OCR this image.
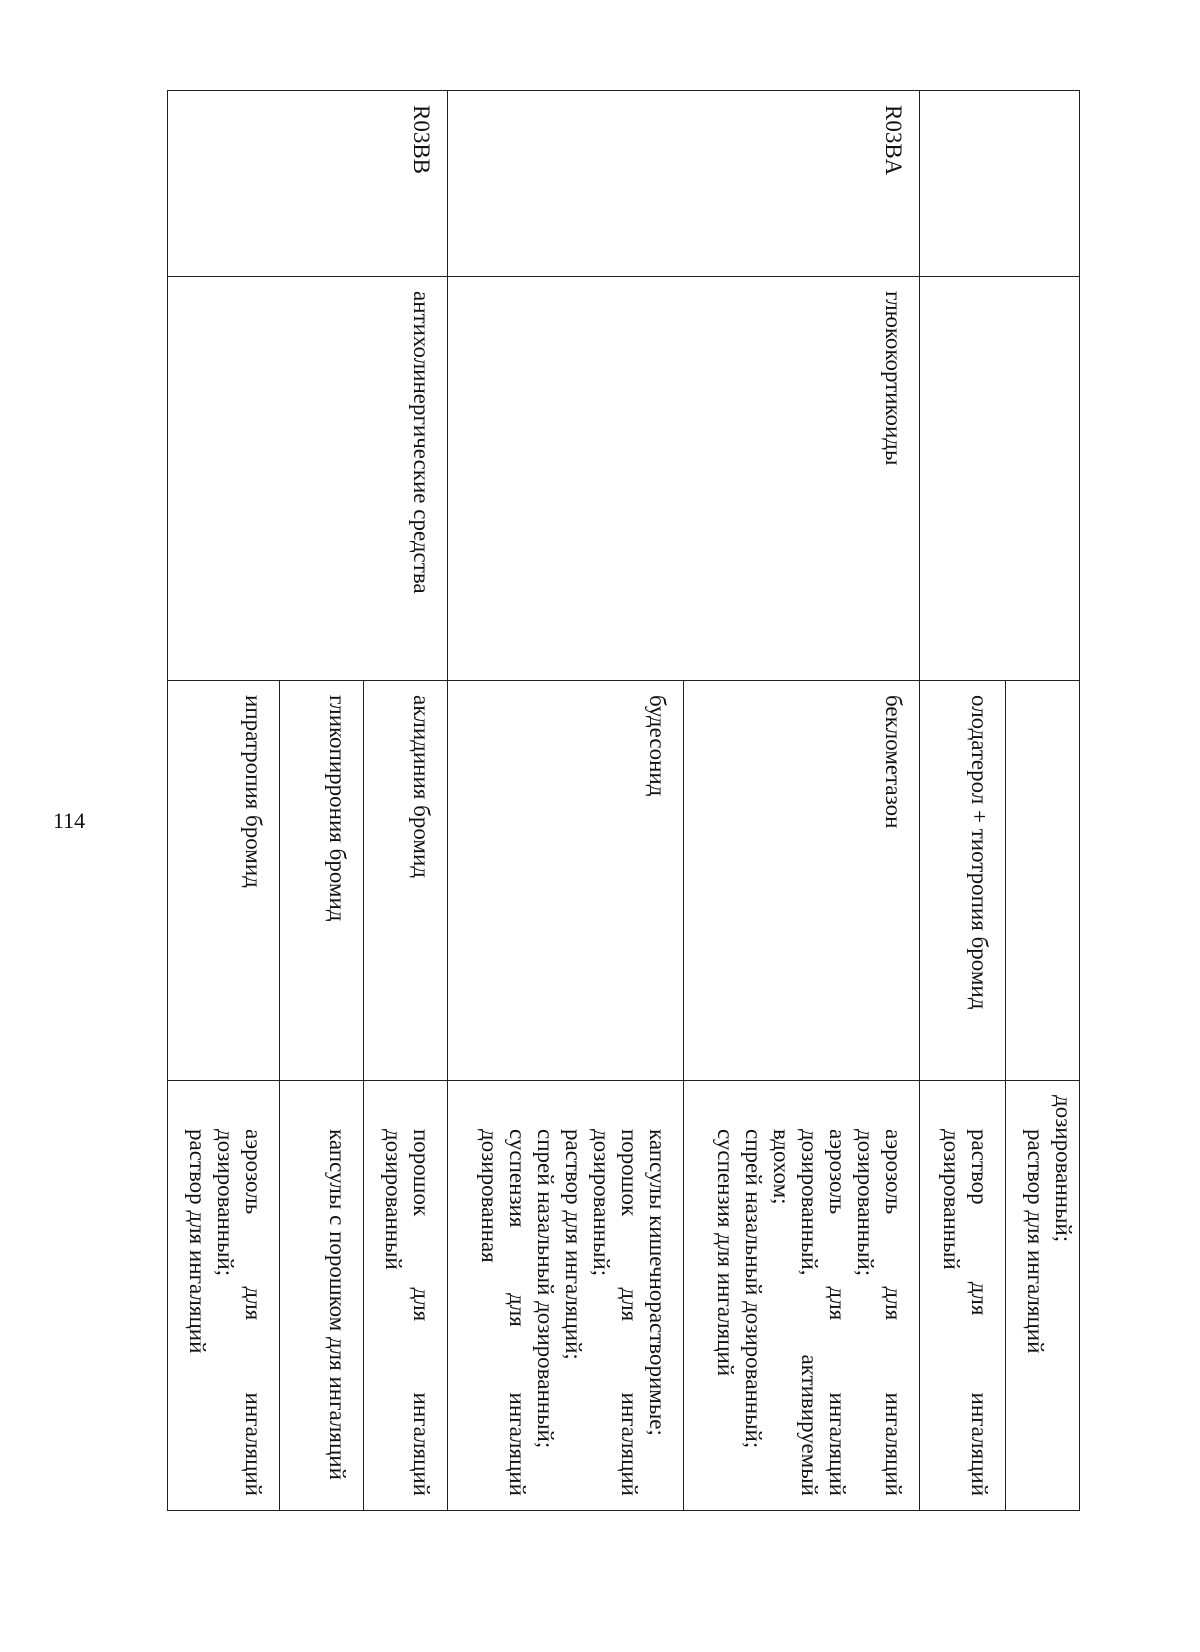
114

			дозированный;
раствор для ингаляций

		олодатерол + тиотропия бромид	раствор для ингаляций дозированный

R03BA	глюкокортикоиды	беклометазон	аэрозоль для ингаляций дозированный;
аэрозоль для ингаляций дозированный, активируемый вдохом;
спрей назальный дозированный;
суспензия для ингаляций

		будесонид	капсулы кишечнорастворимые;
порошок для ингаляций дозированный;
раствор для ингаляций;
спрей назальный дозированный;
суспензия для ингаляций дозированная

R03BB	антихолинергические средства	аклидиния бромид	порошок для ингаляций дозированный

		гликопиррония бромид	капсулы с порошком для ингаляций

		ипратропия бромид	аэрозоль для ингаляций дозированный;
раствор для ингаляций
